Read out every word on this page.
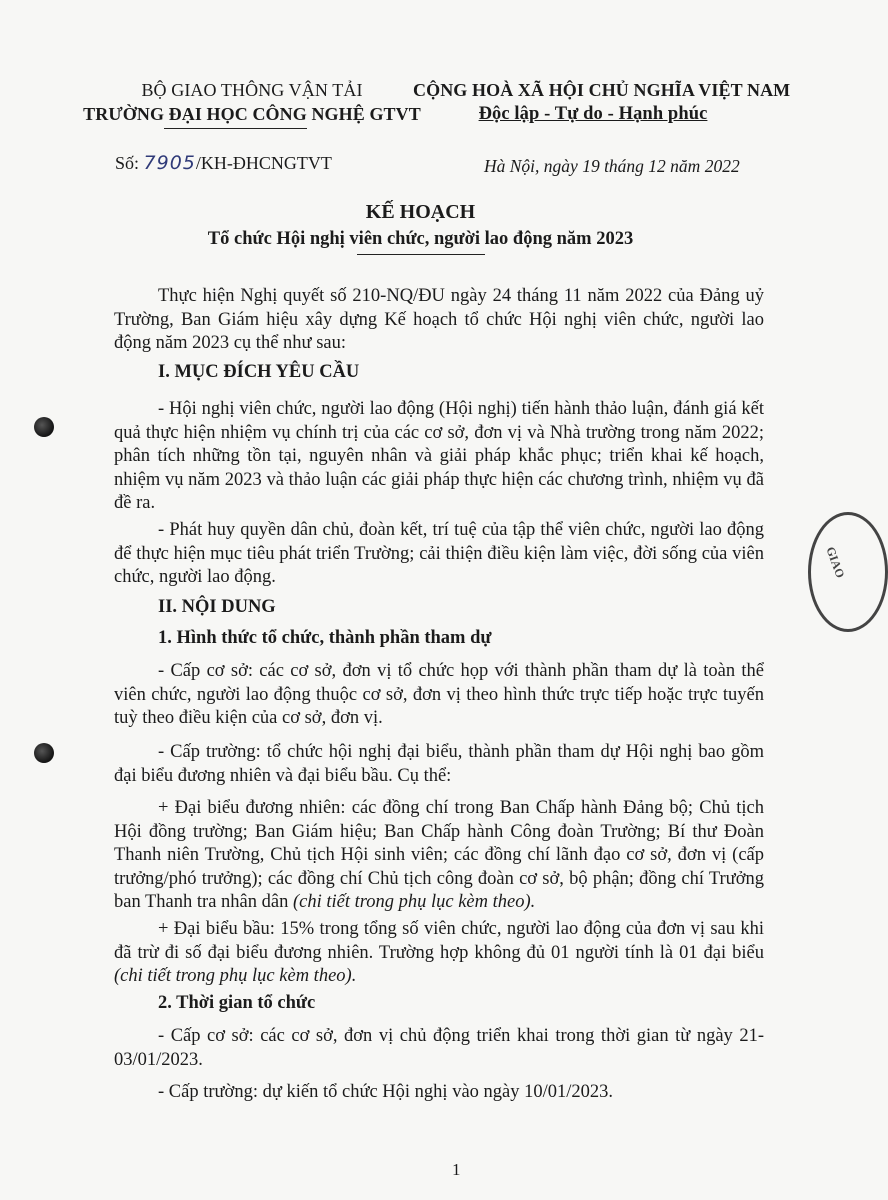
GIAO
BỘ GIAO THÔNG VẬN TẢI
TRƯỜNG ĐẠI HỌC CÔNG NGHỆ GTVT
CỘNG HOÀ XÃ HỘI CHỦ NGHĨA VIỆT NAM
Độc lập - Tự do - Hạnh phúc
Số: 7905/KH-ĐHCNGTVT	Hà Nội, ngày 19 tháng 12 năm 2022
KẾ HOẠCH
Tổ chức Hội nghị viên chức, người lao động năm 2023
Thực hiện Nghị quyết số 210-NQ/ĐU ngày 24 tháng 11 năm 2022 của Đảng uỷ Trường, Ban Giám hiệu xây dựng Kế hoạch tổ chức Hội nghị viên chức, người lao động năm 2023 cụ thể như sau:
I. MỤC ĐÍCH YÊU CẦU
- Hội nghị viên chức, người lao động (Hội nghị) tiến hành thảo luận, đánh giá kết quả thực hiện nhiệm vụ chính trị của các cơ sở, đơn vị và Nhà trường trong năm 2022; phân tích những tồn tại, nguyên nhân và giải pháp khắc phục; triển khai kế hoạch, nhiệm vụ năm 2023 và thảo luận các giải pháp thực hiện các chương trình, nhiệm vụ đã đề ra.
- Phát huy quyền dân chủ, đoàn kết, trí tuệ của tập thể viên chức, người lao động để thực hiện mục tiêu phát triển Trường; cải thiện điều kiện làm việc, đời sống của viên chức, người lao động.
II. NỘI DUNG
1. Hình thức tổ chức, thành phần tham dự
- Cấp cơ sở: các cơ sở, đơn vị tổ chức họp với thành phần tham dự là toàn thể viên chức, người lao động thuộc cơ sở, đơn vị theo hình thức trực tiếp hoặc trực tuyến tuỳ theo điều kiện của cơ sở, đơn vị.
- Cấp trường: tổ chức hội nghị đại biểu, thành phần tham dự Hội nghị bao gồm đại biểu đương nhiên và đại biểu bầu. Cụ thể:
+ Đại biểu đương nhiên: các đồng chí trong Ban Chấp hành Đảng bộ; Chủ tịch Hội đồng trường; Ban Giám hiệu; Ban Chấp hành Công đoàn Trường; Bí thư Đoàn Thanh niên Trường, Chủ tịch Hội sinh viên; các đồng chí lãnh đạo cơ sở, đơn vị (cấp trưởng/phó trưởng); các đồng chí Chủ tịch công đoàn cơ sở, bộ phận; đồng chí Trưởng ban Thanh tra nhân dân (chi tiết trong phụ lục kèm theo).
+ Đại biểu bầu: 15% trong tổng số viên chức, người lao động của đơn vị sau khi đã trừ đi số đại biểu đương nhiên. Trường hợp không đủ 01 người tính là 01 đại biểu (chi tiết trong phụ lục kèm theo).
2. Thời gian tổ chức
- Cấp cơ sở: các cơ sở, đơn vị chủ động triển khai trong thời gian từ ngày 21-03/01/2023.
- Cấp trường: dự kiến tổ chức Hội nghị vào ngày 10/01/2023.
1
